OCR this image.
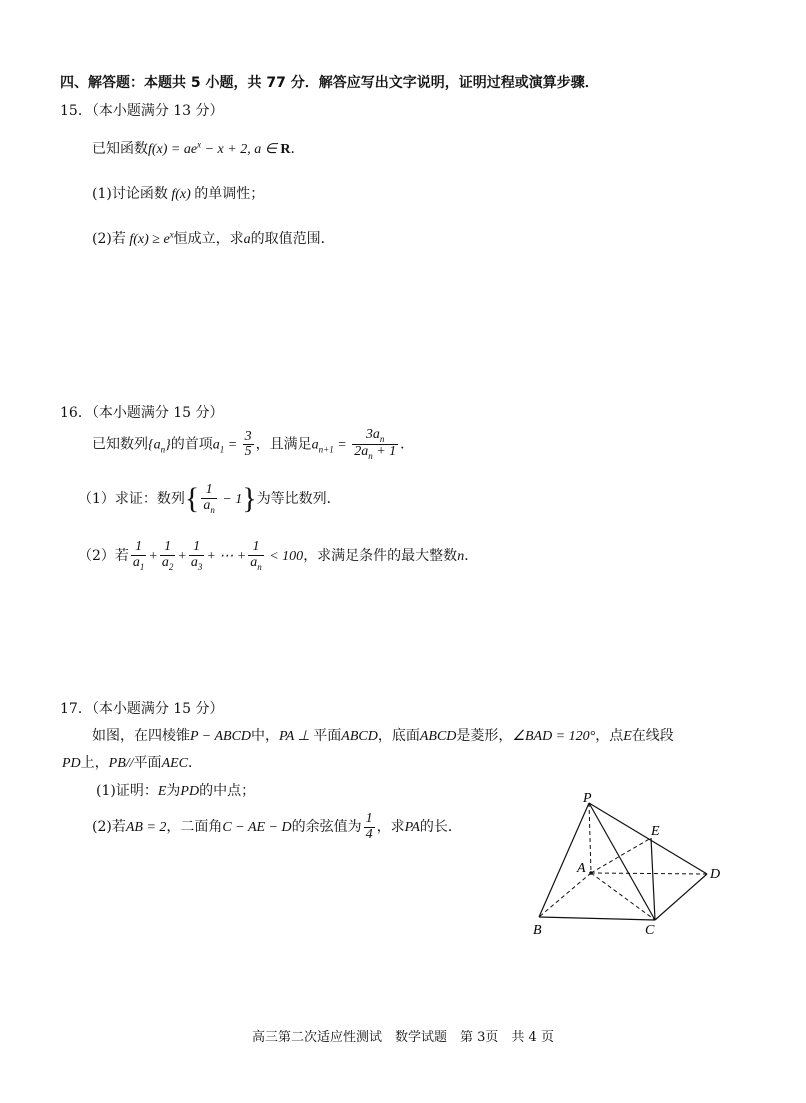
四、解答题：本题共 5 小题，共 77 分．解答应写出文字说明，证明过程或演算步骤．
15．（本小题满分 13 分）
已知函数$f(x) = ae^x - x + 2$, a ∈ R．
(1)讨论函数 f(x) 的单调性；
(2)若 $f(x) \ge e^x$恒成立，求a的取值范围．
16．（本小题满分 15 分）
已知数列$\{a_n\}$的首项$a_1 = \frac{3}{5}$ ，且满足$a_{n+1} = \frac{3a_n}{2a_n + 1}$ ．
（1）求证：数列{ $\frac{1}{a_n} - 1$}为等比数列．
（2）若 $\frac{1}{a_1} + \frac{1}{a_2} + \frac{1}{a_3}$ + ⋯ + $\frac{1}{a_n} < 100$，求满足条件的最大整数n．
17．（本小题满分 15 分）
如图，在四棱锥P − ABCD中，PA ⊥ 平面ABCD，底面ABCD是菱形，∠BAD = 120°，点E在线段
PD上，PB//平面AEC．
(1)证明：E为PD的中点；
(2)若AB = 2，二面角C − AE − D的余弦值为 $\frac{1}{4}$ ，求PA的长．
P
E
A	D
B	C
高三第二次适应性测试　数学试题　第 3页　共 4 页
